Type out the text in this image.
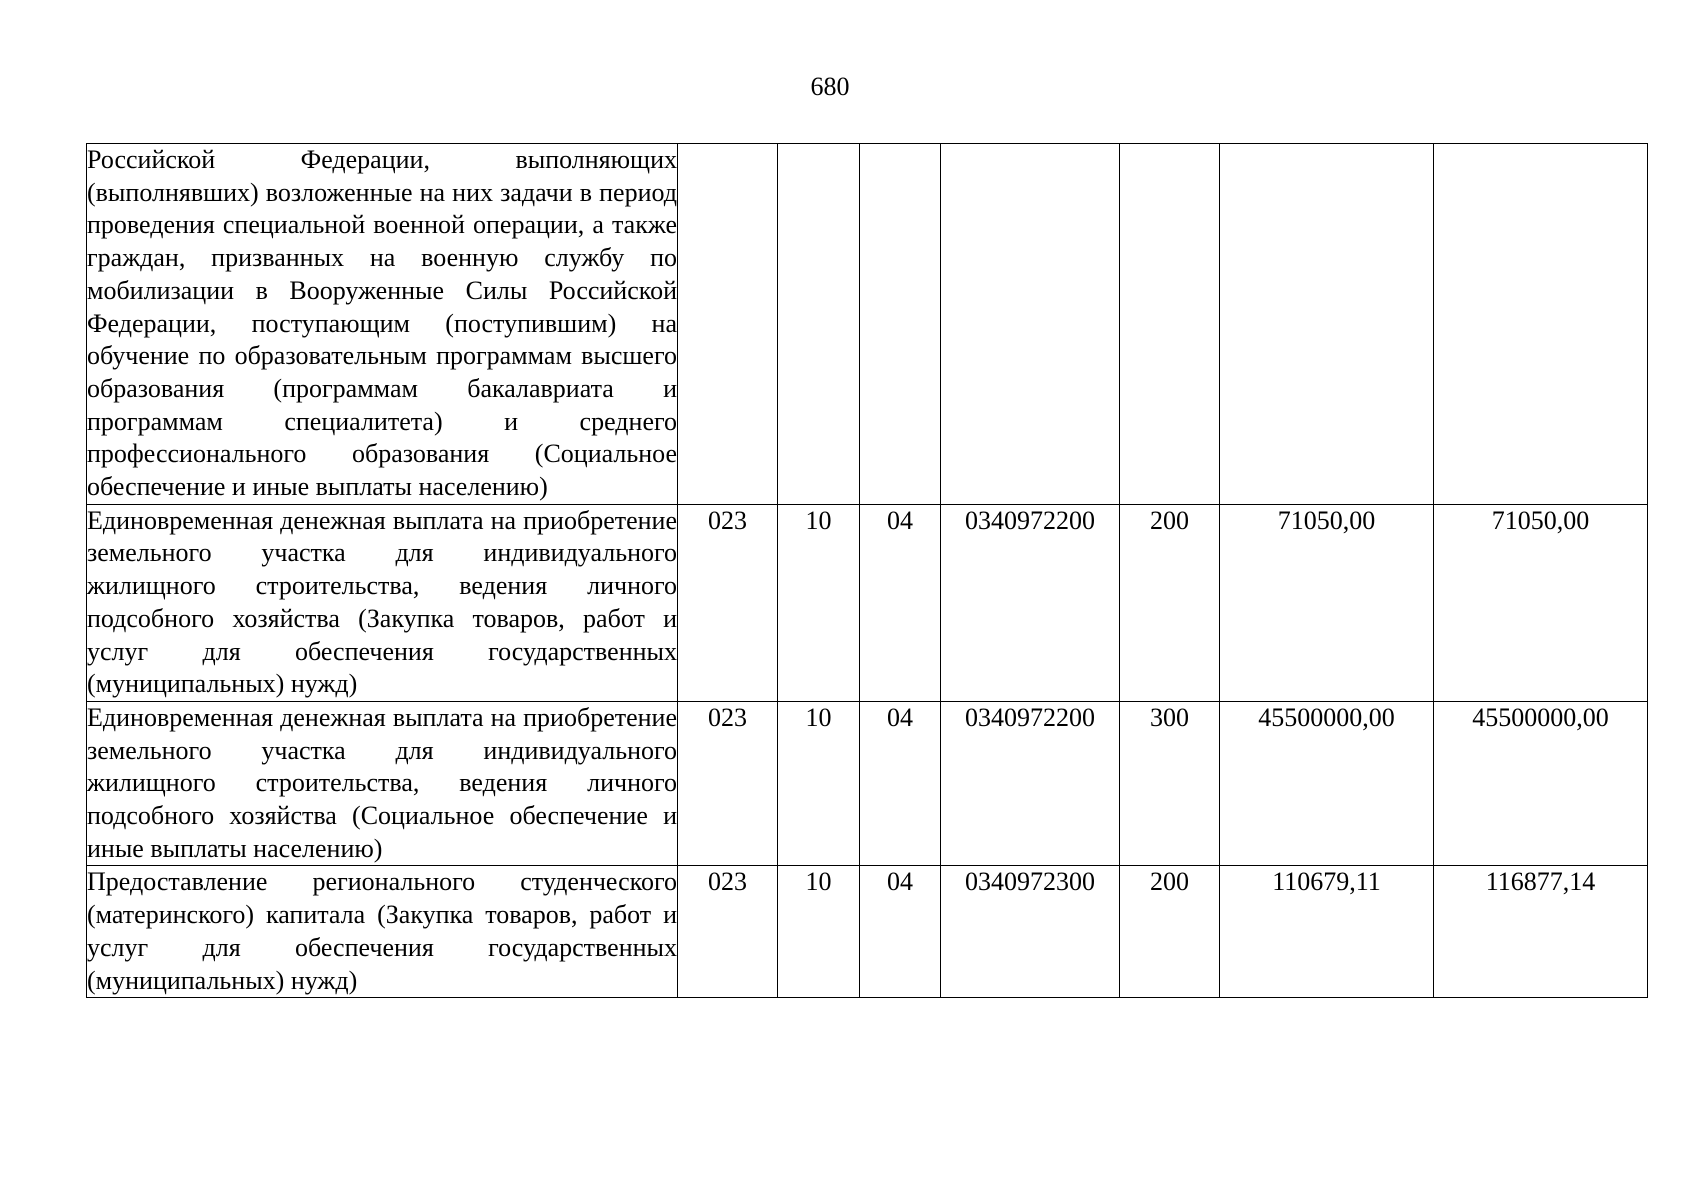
680
Российской Федерации, выполняющих (выполнявших) возложенные на них задачи в период проведения специальной военной операции, а также граждан, призванных на военную службу по мобилизации в Вооруженные Силы Российской Федерации, поступающим (поступившим) на обучение по образовательным программам высшего образования (программам бакалавриата и программам специалитета) и среднего профессионального образования (Социальное обеспечение и иные выплаты населению)							
Единовременная денежная выплата на приобретение земельного участка для индивидуального жилищного строительства, ведения личного подсобного хозяйства (Закупка товаров, работ и услуг для обеспечения государственных (муниципальных) нужд)	023	10	04	0340972200	200	71050,00	71050,00
Единовременная денежная выплата на приобретение земельного участка для индивидуального жилищного строительства, ведения личного подсобного хозяйства (Социальное обеспечение и иные выплаты населению)	023	10	04	0340972200	300	45500000,00	45500000,00
Предоставление регионального студенческого (материнского) капитала (Закупка товаров, работ и услуг для обеспечения государственных (муниципальных) нужд)	023	10	04	0340972300	200	110679,11	116877,14
